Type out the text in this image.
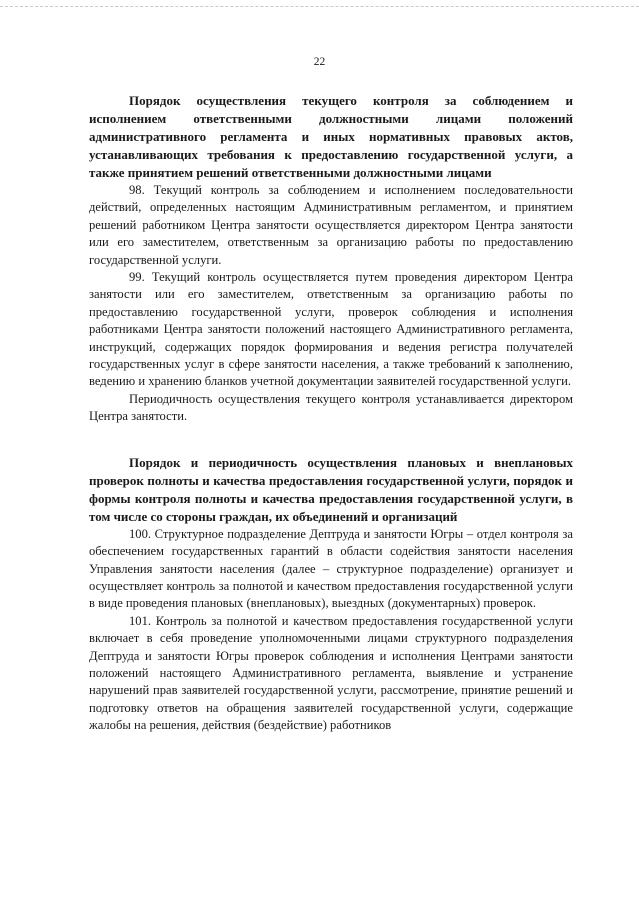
22

Порядок осуществления текущего контроля за соблюдением и исполнением ответственными должностными лицами положений административного регламента и иных нормативных правовых актов, устанавливающих требования к предоставлению государственной услуги, а также принятием решений ответственными должностными лицами

98. Текущий контроль за соблюдением и исполнением последовательности действий, определенных настоящим Административным регламентом, и принятием решений работником Центра занятости осуществляется директором Центра занятости или его заместителем, ответственным за организацию работы по предоставлению государственной услуги.

99. Текущий контроль осуществляется путем проведения директором Центра занятости или его заместителем, ответственным за организацию работы по предоставлению государственной услуги, проверок соблюдения и исполнения работниками Центра занятости положений настоящего Административного регламента, инструкций, содержащих порядок формирования и ведения регистра получателей государственных услуг в сфере занятости населения, а также требований к заполнению, ведению и хранению бланков учетной документации заявителей государственной услуги.

Периодичность осуществления текущего контроля устанавливается директором Центра занятости.

Порядок и периодичность осуществления плановых и внеплановых проверок полноты и качества предоставления государственной услуги, порядок и формы контроля полноты и качества предоставления государственной услуги, в том числе со стороны граждан, их объединений и организаций

100. Структурное подразделение Дептруда и занятости Югры – отдел контроля за обеспечением государственных гарантий в области содействия занятости населения Управления занятости населения (далее – структурное подразделение) организует и осуществляет контроль за полнотой и качеством предоставления государственной услуги в виде проведения плановых (внеплановых), выездных (документарных) проверок.

101. Контроль за полнотой и качеством предоставления государственной услуги включает в себя проведение уполномоченными лицами структурного подразделения Дептруда и занятости Югры проверок соблюдения и исполнения Центрами занятости положений настоящего Административного регламента, выявление и устранение нарушений прав заявителей государственной услуги, рассмотрение, принятие решений и подготовку ответов на обращения заявителей государственной услуги, содержащие жалобы на решения, действия (бездействие) работников
